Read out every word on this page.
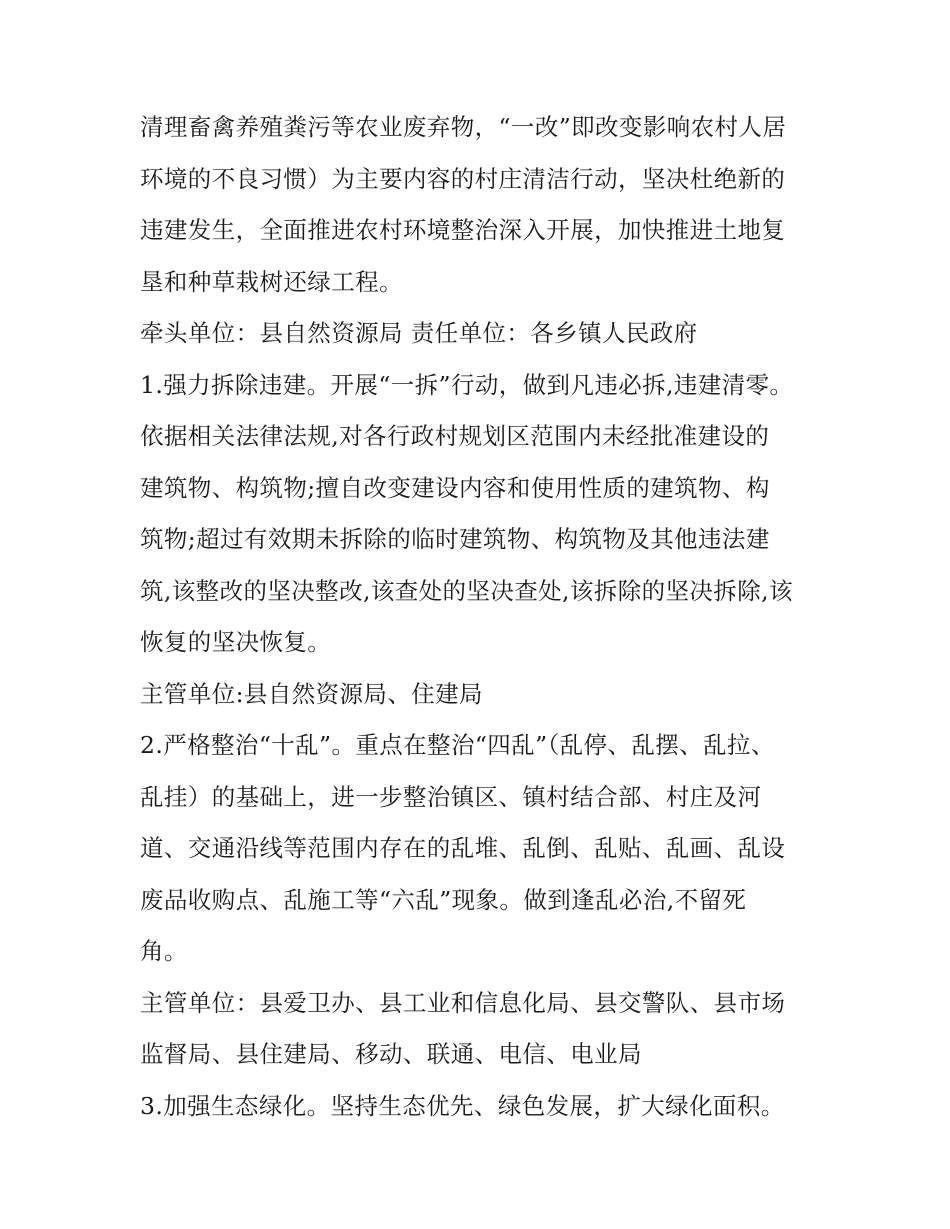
清理畜禽养殖粪污等农业废弃物，“一改”即改变影响农村人居
环境的不良习惯）为主要内容的村庄清洁行动，坚决杜绝新的
违建发生，全面推进农村环境整治深入开展，加快推进土地复
垦和种草栽树还绿工程。
牵头单位：县自然资源局 责任单位：各乡镇人民政府
1.强力拆除违建。开展“一拆”行动，做到凡违必拆,违建清零。
依据相关法律法规,对各行政村规划区范围内未经批准建设的
建筑物、构筑物;擅自改变建设内容和使用性质的建筑物、构
筑物;超过有效期未拆除的临时建筑物、构筑物及其他违法建
筑,该整改的坚决整改,该查处的坚决查处,该拆除的坚决拆除,该
恢复的坚决恢复。
主管单位:县自然资源局、住建局
2.严格整治“十乱”。重点在整治“四乱”（乱停、乱摆、乱拉、
乱挂）的基础上，进一步整治镇区、镇村结合部、村庄及河
道、交通沿线等范围内存在的乱堆、乱倒、乱贴、乱画、乱设
废品收购点、乱施工等“六乱”现象。做到逢乱必治,不留死
角。
主管单位：县爱卫办、县工业和信息化局、县交警队、县市场
监督局、县住建局、移动、联通、电信、电业局
3.加强生态绿化。坚持生态优先、绿色发展，扩大绿化面积。
